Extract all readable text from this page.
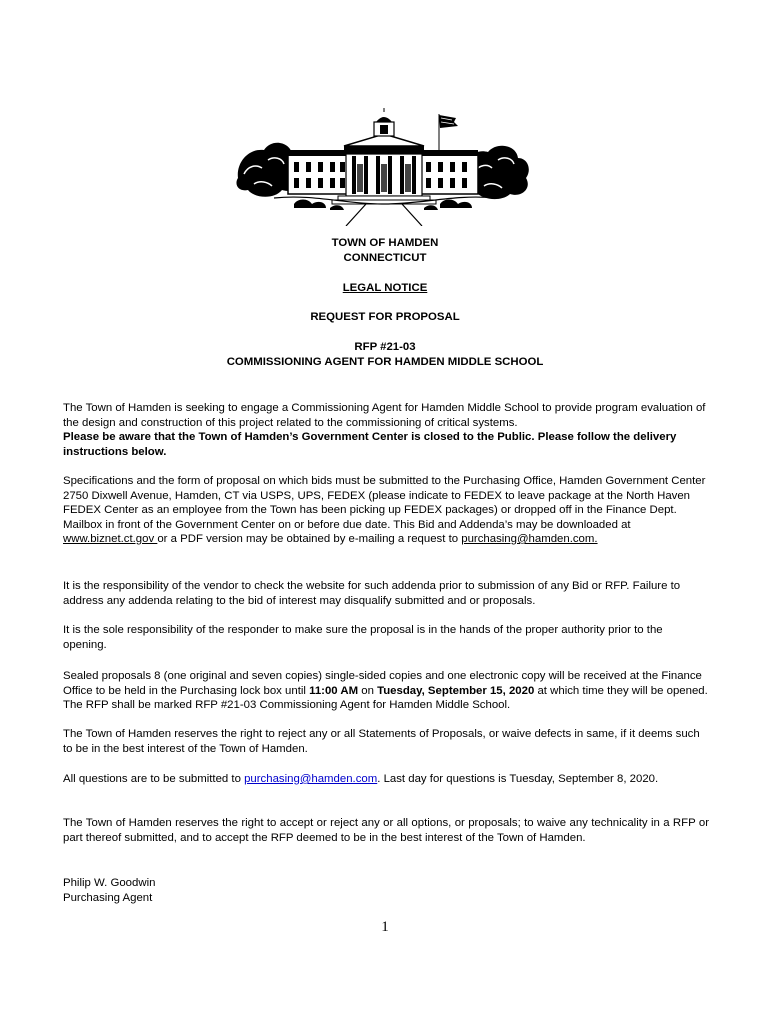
TOWN OF HAMDEN
CONNECTICUT
LEGAL NOTICE
REQUEST FOR PROPOSAL
RFP #21-03
COMMISSIONING AGENT FOR HAMDEN MIDDLE SCHOOL

The Town of Hamden is seeking to engage a Commissioning Agent for Hamden Middle School to provide program evaluation of the design and construction of this project related to the commissioning of critical systems.

Please be aware that the Town of Hamden’s Government Center is closed to the Public. Please follow the delivery instructions below.

Specifications and the form of proposal on which bids must be submitted to the Purchasing Office, Hamden Government Center 2750 Dixwell Avenue, Hamden, CT via USPS, UPS, FEDEX (please indicate to FEDEX to leave package at the North Haven FEDEX Center as an employee from the Town has been picking up FEDEX packages) or dropped off in the Finance Dept. Mailbox in front of the Government Center on or before due date. This Bid and Addenda’s may be downloaded at www.biznet.ct.gov or a PDF version may be obtained by e-mailing a request to purchasing@hamden.com.

It is the responsibility of the vendor to check the website for such addenda prior to submission of any Bid or RFP. Failure to address any addenda relating to the bid of interest may disqualify submitted and or proposals.

It is the sole responsibility of the responder to make sure the proposal is in the hands of the proper authority prior to the opening.

Sealed proposals 8 (one original and seven copies) single-sided copies and one electronic copy will be received at the Finance Office to be held in the Purchasing lock box until 11:00 AM on Tuesday, September 15, 2020 at which time they will be opened. The RFP shall be marked RFP #21-03 Commissioning Agent for Hamden Middle School.

The Town of Hamden reserves the right to reject any or all Statements of Proposals, or waive defects in same, if it deems such to be in the best interest of the Town of Hamden.

All questions are to be submitted to purchasing@hamden.com. Last day for questions is Tuesday, September 8, 2020.

The Town of Hamden reserves the right to accept or reject any or all options, or proposals; to waive any technicality in a RFP or part thereof submitted, and to accept the RFP deemed to be in the best interest of the Town of Hamden.

Philip W. Goodwin

Purchasing Agent

1
